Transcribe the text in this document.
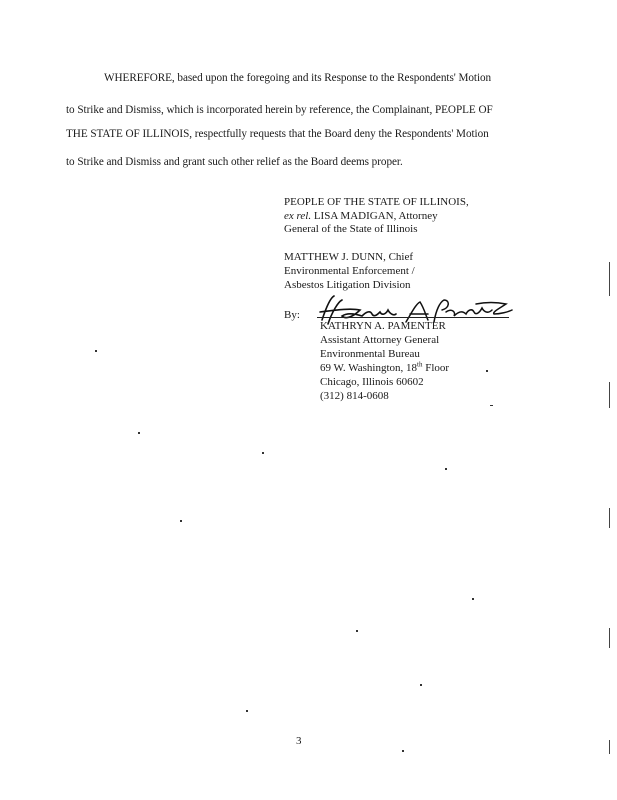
WHEREFORE, based upon the foregoing and its Response to the Respondents' Motion
to Strike and Dismiss, which is incorporated herein by reference, the Complainant, PEOPLE OF
THE STATE OF ILLINOIS, respectfully requests that the Board deny the Respondents' Motion
to Strike and Dismiss and grant such other relief as the Board deems proper.
PEOPLE OF THE STATE OF ILLINOIS,
ex rel. LISA MADIGAN, Attorney
General of the State of Illinois
MATTHEW J. DUNN, Chief
Environmental Enforcement /
Asbestos Litigation Division
By:
KATHRYN A. PAMENTER
Assistant Attorney General
Environmental Bureau
69 W. Washington, 18th Floor
Chicago, Illinois 60602
(312) 814-0608
3
